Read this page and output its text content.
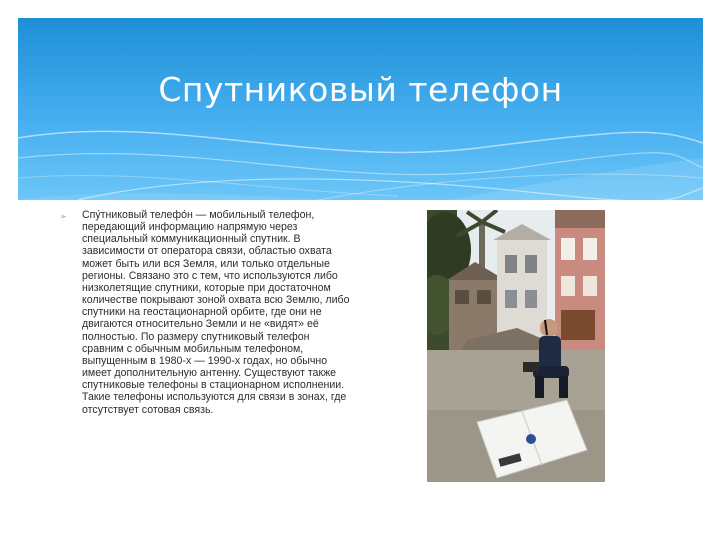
Спутниковый телефон
➢ Спу́тниковый телефо́н — мобильный телефон, передающий информацию напрямую через специальный коммуникационный спутник. В зависимости от оператора связи, областью охвата может быть или вся Земля, или только отдельные регионы. Связано это с тем, что используются либо низколетящие спутники, которые при достаточном количестве покрывают зоной охвата всю Землю, либо спутники на геостационарной орбите, где они не двигаются относительно Земли и не «видят» её полностью. По размеру спутниковый телефон сравним с обычным мобильным телефоном, выпущенным в 1980-х — 1990-х годах, но обычно имеет дополнительную антенну. Существуют также спутниковые телефоны в стационарном исполнении. Такие телефоны используются для связи в зонах, где отсутствует сотовая связь.
